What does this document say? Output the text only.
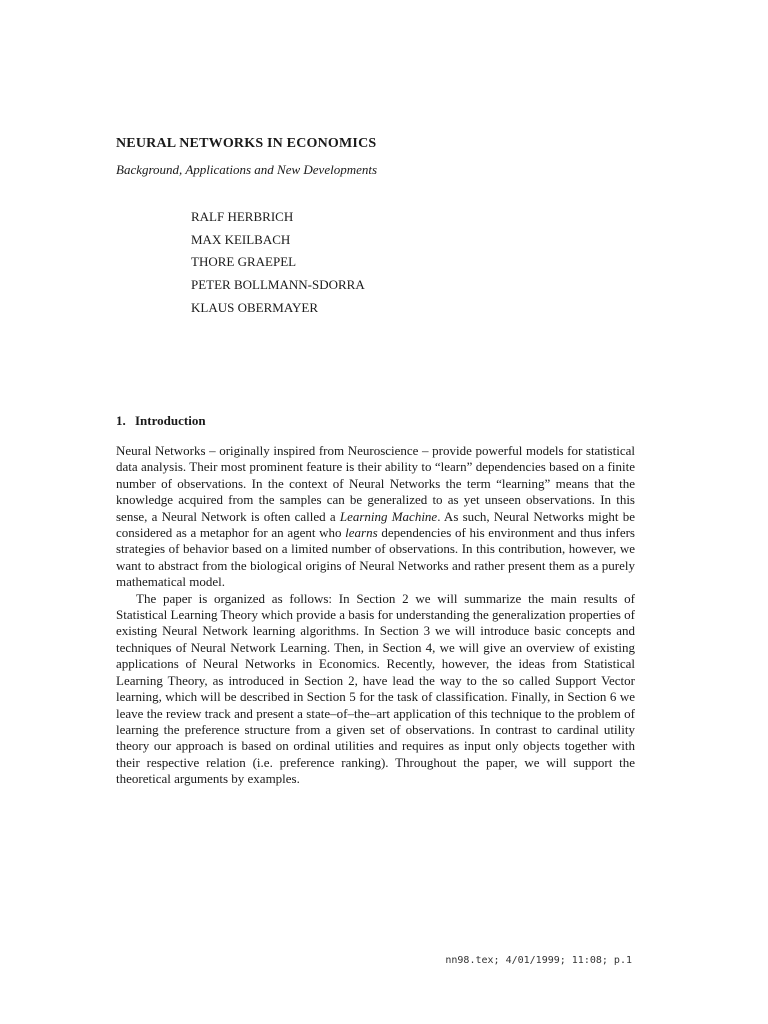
NEURAL NETWORKS IN ECONOMICS
Background, Applications and New Developments
RALF HERBRICH
MAX KEILBACH
THORE GRAEPEL
PETER BOLLMANN-SDORRA
KLAUS OBERMAYER
1. Introduction

Neural Networks – originally inspired from Neuroscience – provide powerful models for statistical data analysis. Their most prominent feature is their ability to “learn” dependencies based on a finite number of observations. In the context of Neural Networks the term “learning” means that the knowledge acquired from the samples can be generalized to as yet unseen observations. In this sense, a Neural Network is often called a Learning Machine. As such, Neural Networks might be considered as a metaphor for an agent who learns dependencies of his environment and thus infers strategies of behavior based on a limited number of observations. In this contribution, however, we want to abstract from the biological origins of Neural Networks and rather present them as a purely mathematical model.

The paper is organized as follows: In Section 2 we will summarize the main results of Statistical Learning Theory which provide a basis for understanding the generalization properties of existing Neural Network learning algorithms. In Section 3 we will introduce basic concepts and techniques of Neural Network Learning. Then, in Section 4, we will give an overview of existing applications of Neural Networks in Economics. Recently, however, the ideas from Statistical Learning Theory, as introduced in Section 2, have lead the way to the so called Support Vector learning, which will be described in Section 5 for the task of classification. Finally, in Section 6 we leave the review track and present a state–of–the–art application of this technique to the problem of learning the preference structure from a given set of observations. In contrast to cardinal utility theory our approach is based on ordinal utilities and requires as input only objects together with their respective relation (i.e. preference ranking). Throughout the paper, we will support the theoretical arguments by examples.

nn98.tex; 4/01/1999; 11:08; p.1
